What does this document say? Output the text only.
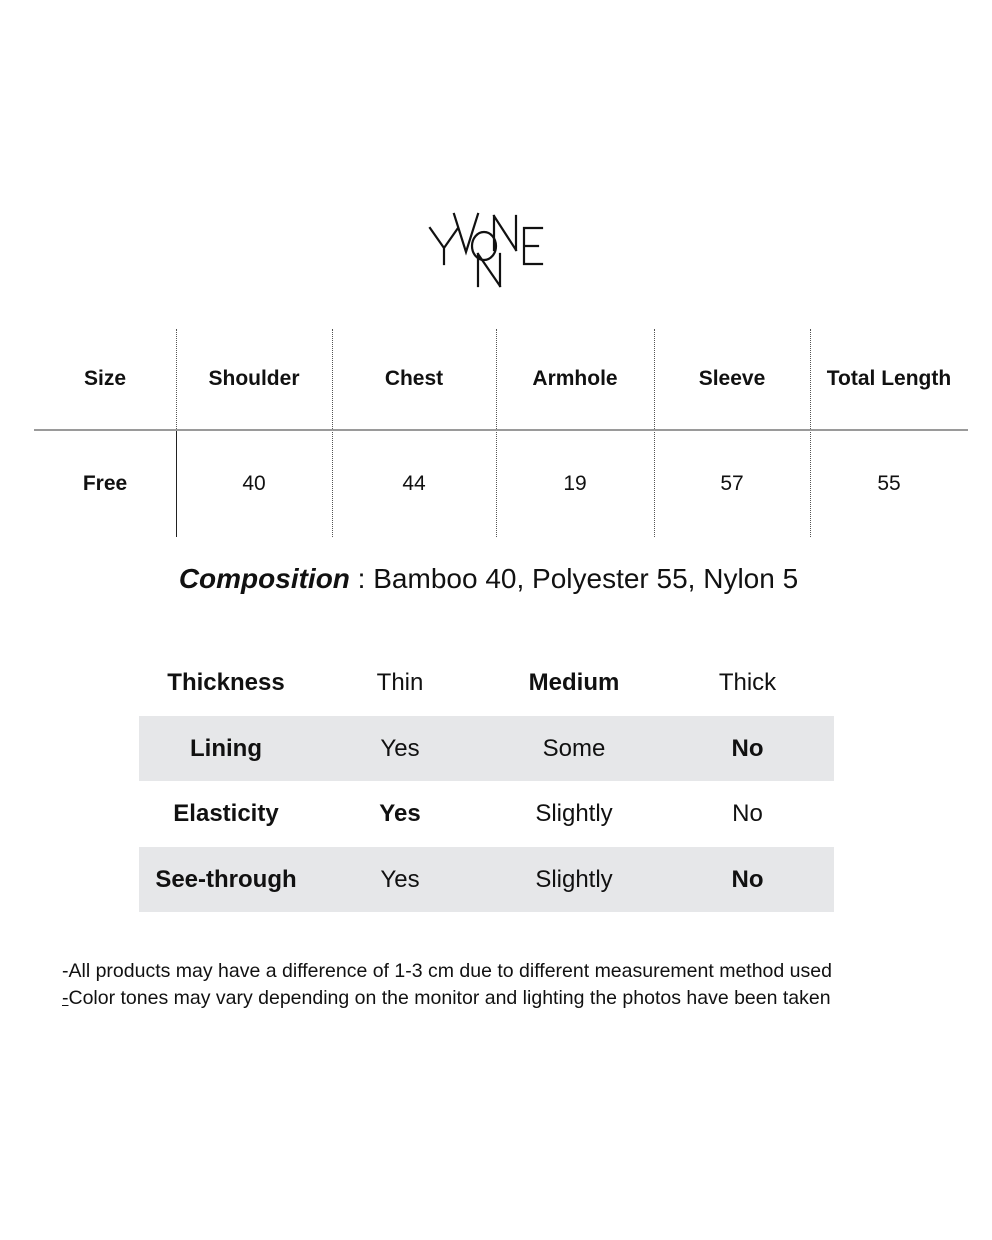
Size	Shoulder	Chest	Armhole	Sleeve	Total Length
Free	40	44	19	57	55
Composition : Bamboo 40, Polyester 55, Nylon 5
Thickness	Thin	Medium	Thick
Lining	Yes	Some	No
Elasticity	Yes	Slightly	No
See-through	Yes	Slightly	No
-All products may have a difference of 1-3 cm due to different measurement method used
-Color tones may vary depending on the monitor and lighting the photos have been taken
